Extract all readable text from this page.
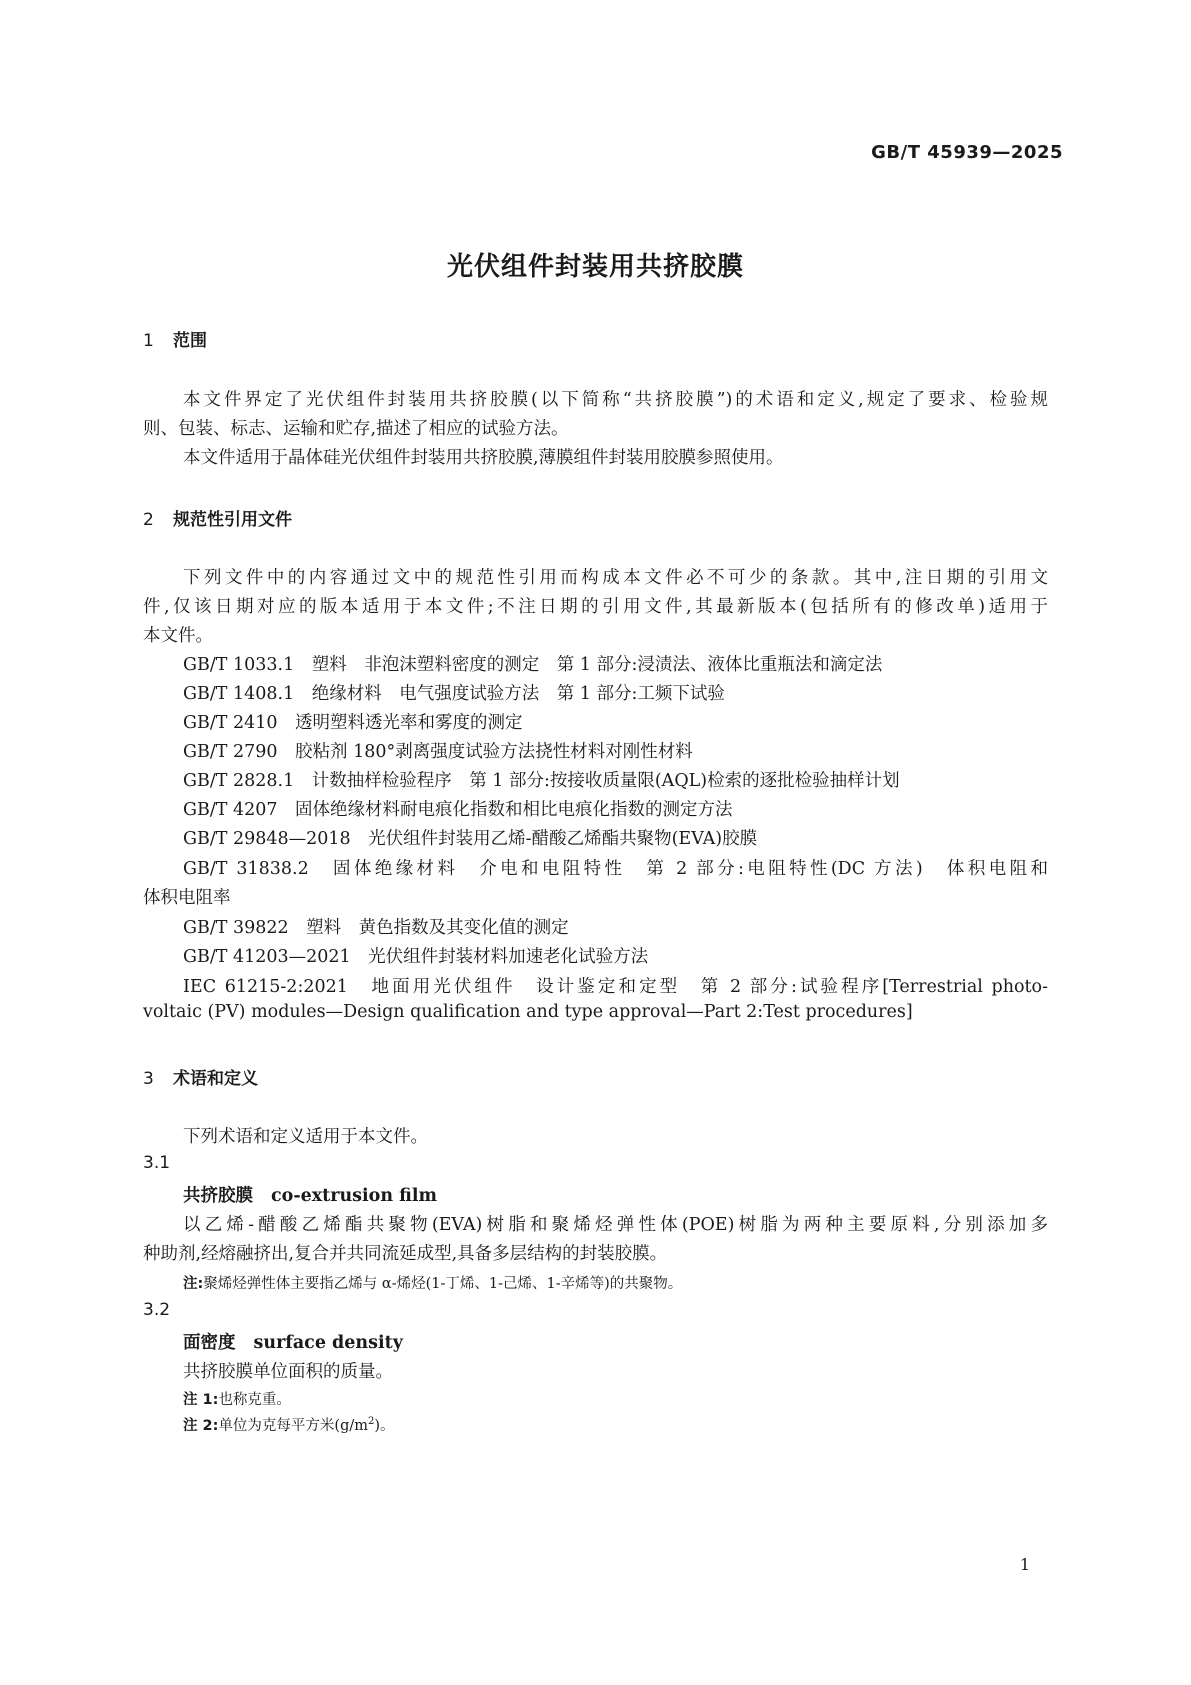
GB/T 45939—2025
光伏组件封装用共挤胶膜
1 范围
本文件界定了光伏组件封装用共挤胶膜(以下简称“共挤胶膜”)的术语和定义,规定了要求、检验规
则、包装、标志、运输和贮存,描述了相应的试验方法。
本文件适用于晶体硅光伏组件封装用共挤胶膜,薄膜组件封装用胶膜参照使用。
2 规范性引用文件
下列文件中的内容通过文中的规范性引用而构成本文件必不可少的条款。其中,注日期的引用文
件,仅该日期对应的版本适用于本文件;不注日期的引用文件,其最新版本(包括所有的修改单)适用于
本文件。
GB/T 1033.1　塑料　非泡沫塑料密度的测定　第 1 部分:浸渍法、液体比重瓶法和滴定法
GB/T 1408.1　绝缘材料　电气强度试验方法　第 1 部分:工频下试验
GB/T 2410　透明塑料透光率和雾度的测定
GB/T 2790　胶粘剂 180°剥离强度试验方法挠性材料对刚性材料
GB/T 2828.1　计数抽样检验程序　第 1 部分:按接收质量限(AQL)检索的逐批检验抽样计划
GB/T 4207　固体绝缘材料耐电痕化指数和相比电痕化指数的测定方法
GB/T 29848—2018　光伏组件封装用乙烯-醋酸乙烯酯共聚物(EVA)胶膜
GB/T 31838.2　固体绝缘材料　介电和电阻特性　第 2 部分:电阻特性(DC 方法)　体积电阻和
体积电阻率
GB/T 39822　塑料　黄色指数及其变化值的测定
GB/T 41203—2021　光伏组件封装材料加速老化试验方法
IEC 61215-2:2021　地面用光伏组件　设计鉴定和定型　第 2 部分:试验程序[Terrestrial photo-
voltaic (PV) modules—Design qualification and type approval—Part 2:Test procedures]
3 术语和定义
下列术语和定义适用于本文件。
3.1
共挤胶膜 co-extrusion film
以乙烯-醋酸乙烯酯共聚物(EVA)树脂和聚烯烃弹性体(POE)树脂为两种主要原料,分别添加多
种助剂,经熔融挤出,复合并共同流延成型,具备多层结构的封装胶膜。
注:聚烯烃弹性体主要指乙烯与 α-烯烃(1-丁烯、1-己烯、1-辛烯等)的共聚物。
3.2
面密度 surface density
共挤胶膜单位面积的质量。
注 1:也称克重。
注 2:单位为克每平方米$(g/m^2)$。
1
